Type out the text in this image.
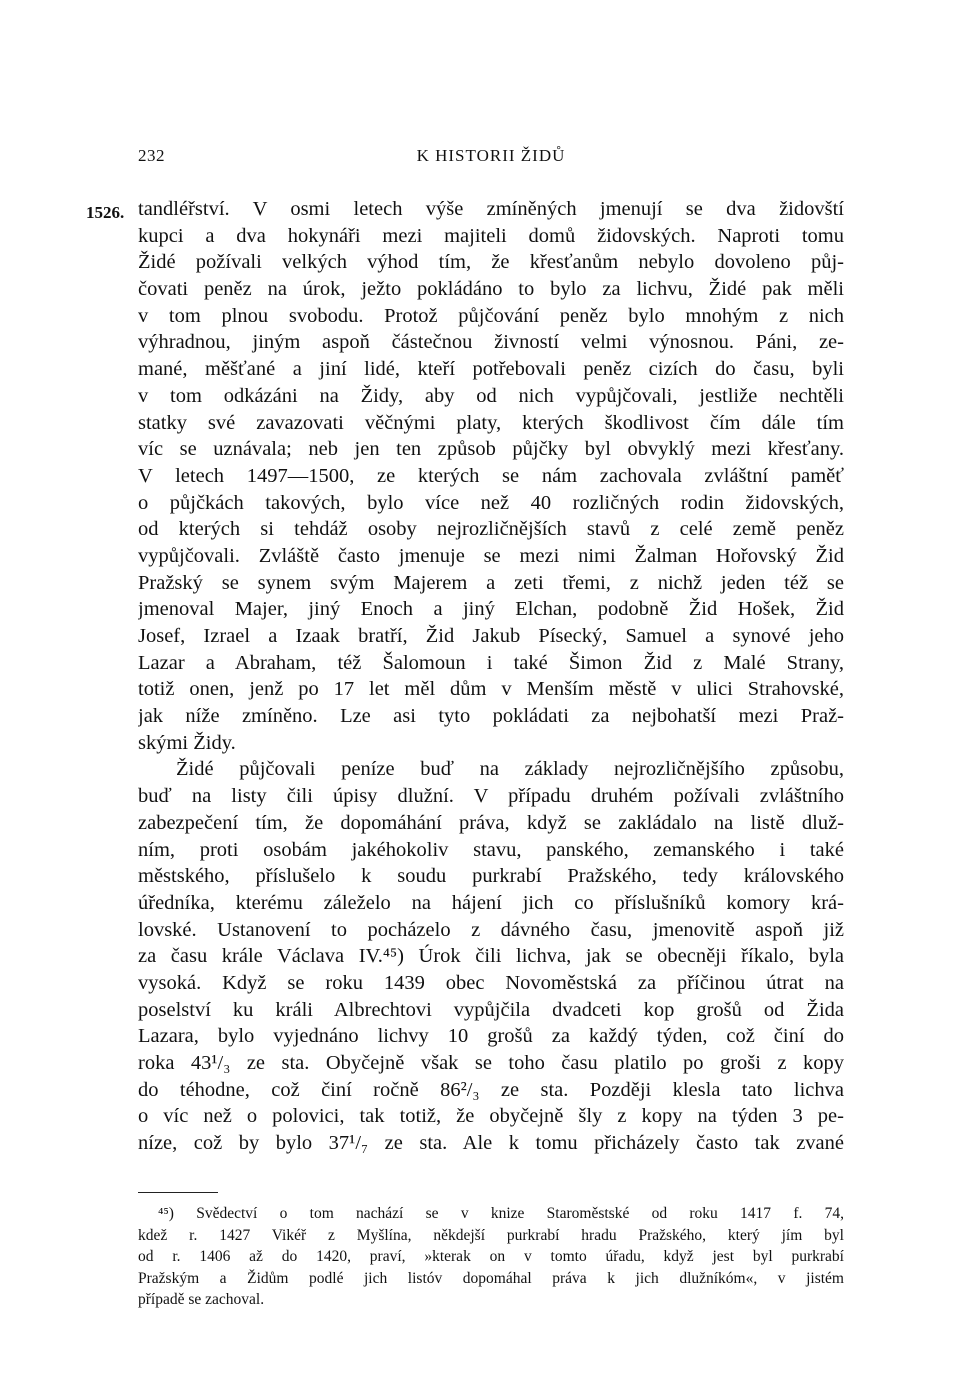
232	K HISTORII ŽIDŮ
1526. tandléřství. V osmi letech výše zmíněných jmenují se dva židovští
kupci a dva hokynáři mezi majiteli domů židovských. Naproti tomu
Židé požívali velkých výhod tím, že křesťanům nebylo dovoleno půj-
čovati peněz na úrok, ježto pokládáno to bylo za lichvu, Židé pak měli
v tom plnou svobodu. Protož půjčování peněz bylo mnohým z nich
výhradnou, jiným aspoň částečnou živností velmi výnosnou. Páni, ze-
mané, měšťané a jiní lidé, kteří potřebovali peněz cizích do času, byli
v tom odkázáni na Židy, aby od nich vypůjčovali, jestliže nechtěli
statky své zavazovati věčnými platy, kterých škodlivost čím dále tím
víc se uznávala; neb jen ten způsob půjčky byl obvyklý mezi křesťany.
V letech 1497—1500, ze kterých se nám zachovala zvláštní paměť
o půjčkách takových, bylo více než 40 rozličných rodin židovských,
od kterých si tehdáž osoby nejrozličnějších stavů z celé země peněz
vypůjčovali. Zvláště často jmenuje se mezi nimi Žalman Hořovský Žid
Pražský se synem svým Majerem a zeti třemi, z nichž jeden též se
jmenoval Majer, jiný Enoch a jiný Elchan, podobně Žid Hošek, Žid
Josef, Izrael a Izaak bratří, Žid Jakub Písecký, Samuel a synové jeho
Lazar a Abraham, též Šalomoun i také Šimon Žid z Malé Strany,
totiž onen, jenž po 17 let měl dům v Menším městě v ulici Strahovské,
jak níže zmíněno. Lze asi tyto pokládati za nejbohatší mezi Praž-
skými Židy.
Židé půjčovali peníze buď na základy nejrozličnějšího způsobu,
buď na listy čili úpisy dlužní. V případu druhém požívali zvláštního
zabezpečení tím, že dopomáhání práva, když se zakládalo na listě dluž-
ním, proti osobám jakéhokoliv stavu, panského, zemanského i také
městského, příslušelo k soudu purkrabí Pražského, tedy královského
úředníka, kterému záleželo na hájení jich co příslušníků komory krá-
lovské. Ustanovení to pocházelo z dávného času, jmenovitě aspoň již
za času krále Václava IV.⁴⁵) Úrok čili lichva, jak se obecněji říkalo, byla
vysoká. Když se roku 1439 obec Novoměstská za příčinou útrat na
poselství ku králi Albrechtovi vypůjčila dvadceti kop grošů od Žida
Lazara, bylo vyjednáno lichvy 10 grošů za každý týden, což činí do
roka 43¹/₃ ze sta. Obyčejně však se toho času platilo po groši z kopy
do téhodne, což činí ročně 86²/₃ ze sta. Později klesla tato lichva
o víc než o polovici, tak totiž, že obyčejně šly z kopy na týden 3 pe-
níze, což by bylo 37¹/₇ ze sta. Ale k tomu přicházely často tak zvané
⁴⁵) Svědectví o tom nachází se v knize Staroměstské od roku 1417 f. 74,
kdež r. 1427 Vikéř z Myšlína, někdejší purkrabí hradu Pražského, který jím byl
od r. 1406 až do 1420, praví, »kterak on v tomto úřadu, když jest byl purkrabí
Pražským a Židům podlé jich listóv dopomáhal práva k jich dlužníkóm«, v jistém
případě se zachoval.
